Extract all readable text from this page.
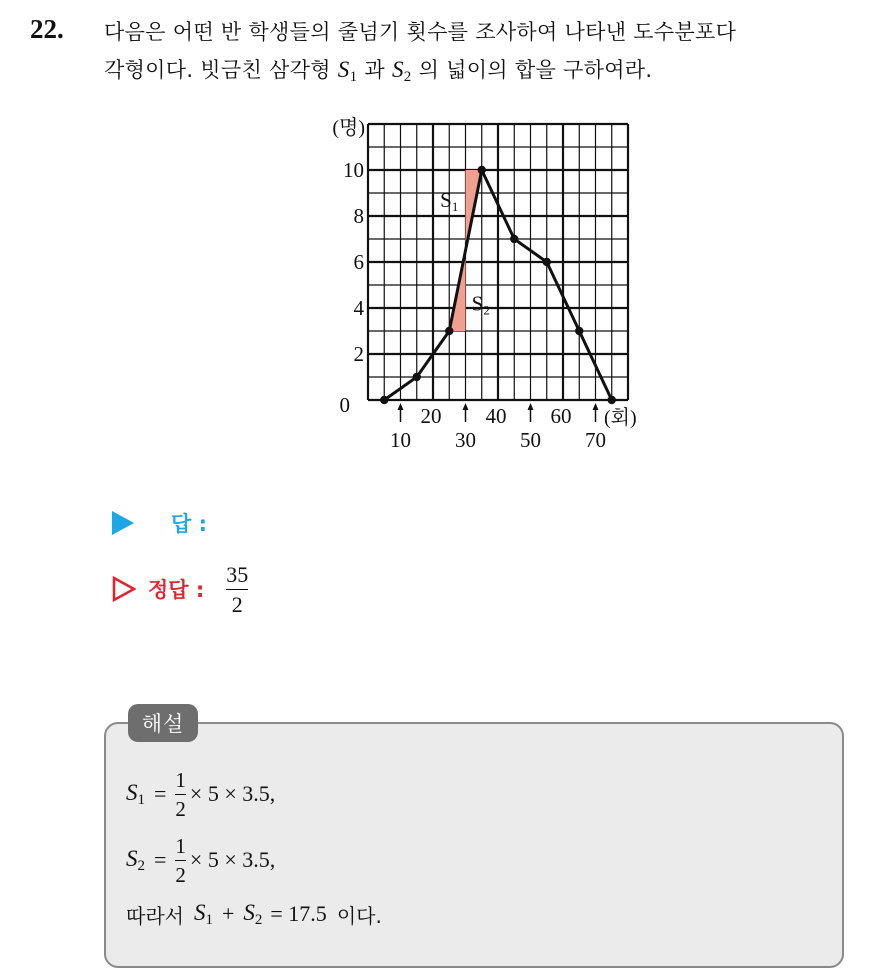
22. 다음은 어떤 반 학생들의 줄넘기 횟수를 조사하여 나타낸 도수분포다
각형이다. 빗금친 삼각형 $S_1$ 과 $S_2$ 의 넓이의 합을 구하여라.
0
2
4
6
8
10
(명)
20 40 60
10 30 50 70
(회)
S1
S2
답 :
정답 : $\frac{35}{2}$
해설
$S_1 = \frac{1}{2} \times 5 \times 3.5$,
$S_2 = \frac{1}{2} \times 5 \times 3.5$,
따라서 $S_1 + S_2 = 17.5$ 이다.
